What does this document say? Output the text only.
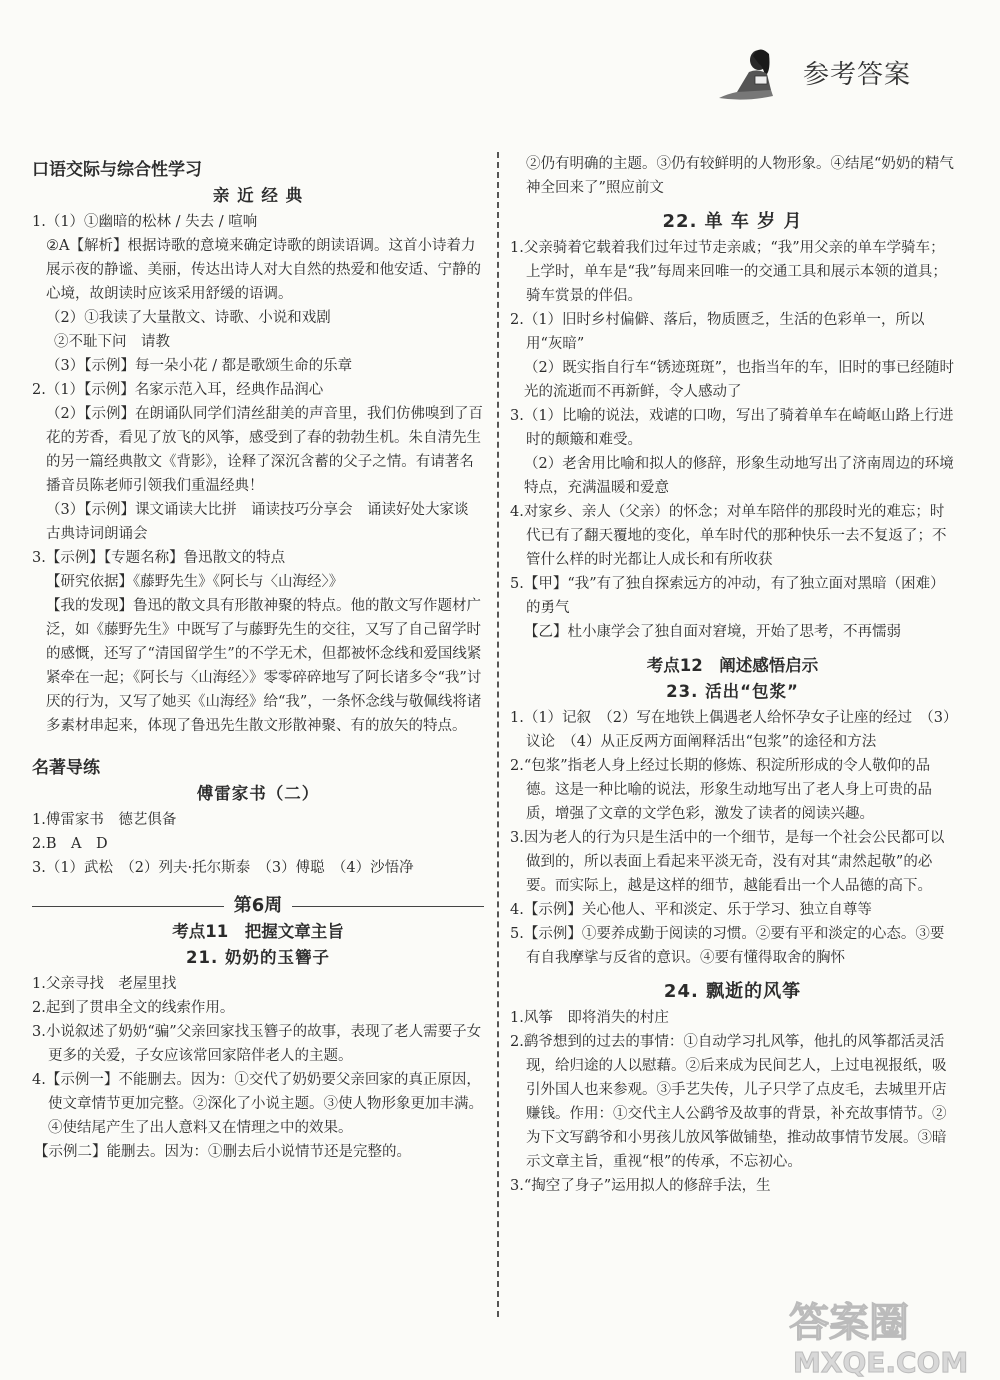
参考答案
口语交际与综合性学习
亲 近 经 典

1.（1）①幽暗的松林 / 失去 / 喧响

②A【解析】根据诗歌的意境来确定诗歌的朗读语调。这首小诗着力展示夜的静谧、美丽，传达出诗人对大自然的热爱和他安适、宁静的心境，故朗读时应该采用舒缓的语调。

（2）①我读了大量散文、诗歌、小说和戏剧

②不耻下问　请教

（3）【示例】每一朵小花 / 都是歌颂生命的乐章

2.（1）【示例】名家示范入耳，经典作品润心

（2）【示例】在朗诵队同学们清丝甜美的声音里，我们仿佛嗅到了百花的芳香，看见了放飞的风筝，感受到了春的勃勃生机。朱自清先生的另一篇经典散文《背影》，诠释了深沉含蓄的父子之情。有请著名播音员陈老师引领我们重温经典！

（3）【示例】课文诵读大比拼　诵读技巧分享会　诵读好处大家谈　古典诗词朗诵会

3.【示例】【专题名称】鲁迅散文的特点

【研究依据】《藤野先生》《阿长与〈山海经〉》

【我的发现】鲁迅的散文具有形散神聚的特点。他的散文写作题材广泛，如《藤野先生》中既写了与藤野先生的交往，又写了自己留学时的感慨，还写了“清国留学生”的不学无术，但都被怀念线和爱国线紧紧牵在一起；《阿长与〈山海经〉》零零碎碎地写了阿长诸多令“我”讨厌的行为，又写了她买《山海经》给“我”，一条怀念线与敬佩线将诸多素材串起来，体现了鲁迅先生散文形散神聚、有的放矢的特点。

名著导练
傅雷家书（二）

1.傅雷家书　德艺俱备

2.B　A　D

3.（1）武松　（2）列夫·托尔斯泰　（3）傅聪　（4）沙悟净

第6周
考点11　把握文章主旨
21. 奶奶的玉簪子

1.父亲寻找　老屋里找

2.起到了贯串全文的线索作用。

3.小说叙述了奶奶“骗”父亲回家找玉簪子的故事，表现了老人需要子女更多的关爱，子女应该常回家陪伴老人的主题。

4.【示例一】不能删去。因为：①交代了奶奶要父亲回家的真正原因，使文章情节更加完整。②深化了小说主题。③使人物形象更加丰满。④使结尾产生了出人意料又在情理之中的效果。

【示例二】能删去。因为：①删去后小说情节还是完整的。

②仍有明确的主题。③仍有较鲜明的人物形象。④结尾“奶奶的精气神全回来了”照应前文

22. 单 车 岁 月

1.父亲骑着它载着我们过年过节走亲戚；“我”用父亲的单车学骑车；上学时，单车是“我”每周来回唯一的交通工具和展示本领的道具；骑车赏景的伴侣。

2.（1）旧时乡村偏僻、落后，物质匮乏，生活的色彩单一，所以用“灰暗”

（2）既实指自行车“锈迹斑斑”，也指当年的车，旧时的事已经随时光的流逝而不再新鲜，令人感动了

3.（1）比喻的说法，戏谑的口吻，写出了骑着单车在崎岖山路上行进时的颠簸和难受。

（2）老舍用比喻和拟人的修辞，形象生动地写出了济南周边的环境特点，充满温暖和爱意

4.对家乡、亲人（父亲）的怀念；对单车陪伴的那段时光的难忘；时代已有了翻天覆地的变化，单车时代的那种快乐一去不复返了；不管什么样的时光都让人成长和有所收获

5.【甲】“我”有了独自探索远方的冲动，有了独立面对黑暗（困难）的勇气

【乙】杜小康学会了独自面对窘境，开始了思考，不再懦弱

考点12　阐述感悟启示
23. 活出“包浆”

1.（1）记叙　（2）写在地铁上偶遇老人给怀孕女子让座的经过　（3）议论　（4）从正反两方面阐释活出“包浆”的途径和方法

2.“包浆”指老人身上经过长期的修炼、积淀所形成的令人敬仰的品德。这是一种比喻的说法，形象生动地写出了老人身上可贵的品质，增强了文章的文学色彩，激发了读者的阅读兴趣。

3.因为老人的行为只是生活中的一个细节，是每一个社会公民都可以做到的，所以表面上看起来平淡无奇，没有对其“肃然起敬”的必要。而实际上，越是这样的细节，越能看出一个人品德的高下。

4.【示例】关心他人、平和淡定、乐于学习、独立自尊等

5.【示例】①要养成勤于阅读的习惯。②要有平和淡定的心态。③要有自我摩挲与反省的意识。④要有懂得取舍的胸怀

24. 飘逝的风筝

1.风筝　即将消失的村庄

2.鹞爷想到的过去的事情：①自动学习扎风筝，他扎的风筝都活灵活现，给归途的人以慰藉。②后来成为民间艺人，上过电视报纸，吸引外国人也来参观。③手艺失传，儿子只学了点皮毛，去城里开店赚钱。作用：①交代主人公鹞爷及故事的背景，补充故事情节。②为下文写鹞爷和小男孩儿放风筝做铺垫，推动故事情节发展。③暗示文章主旨，重视“根”的传承，不忘初心。

3.“掏空了身子”运用拟人的修辞手法，生

答案圈
MXQE.COM
